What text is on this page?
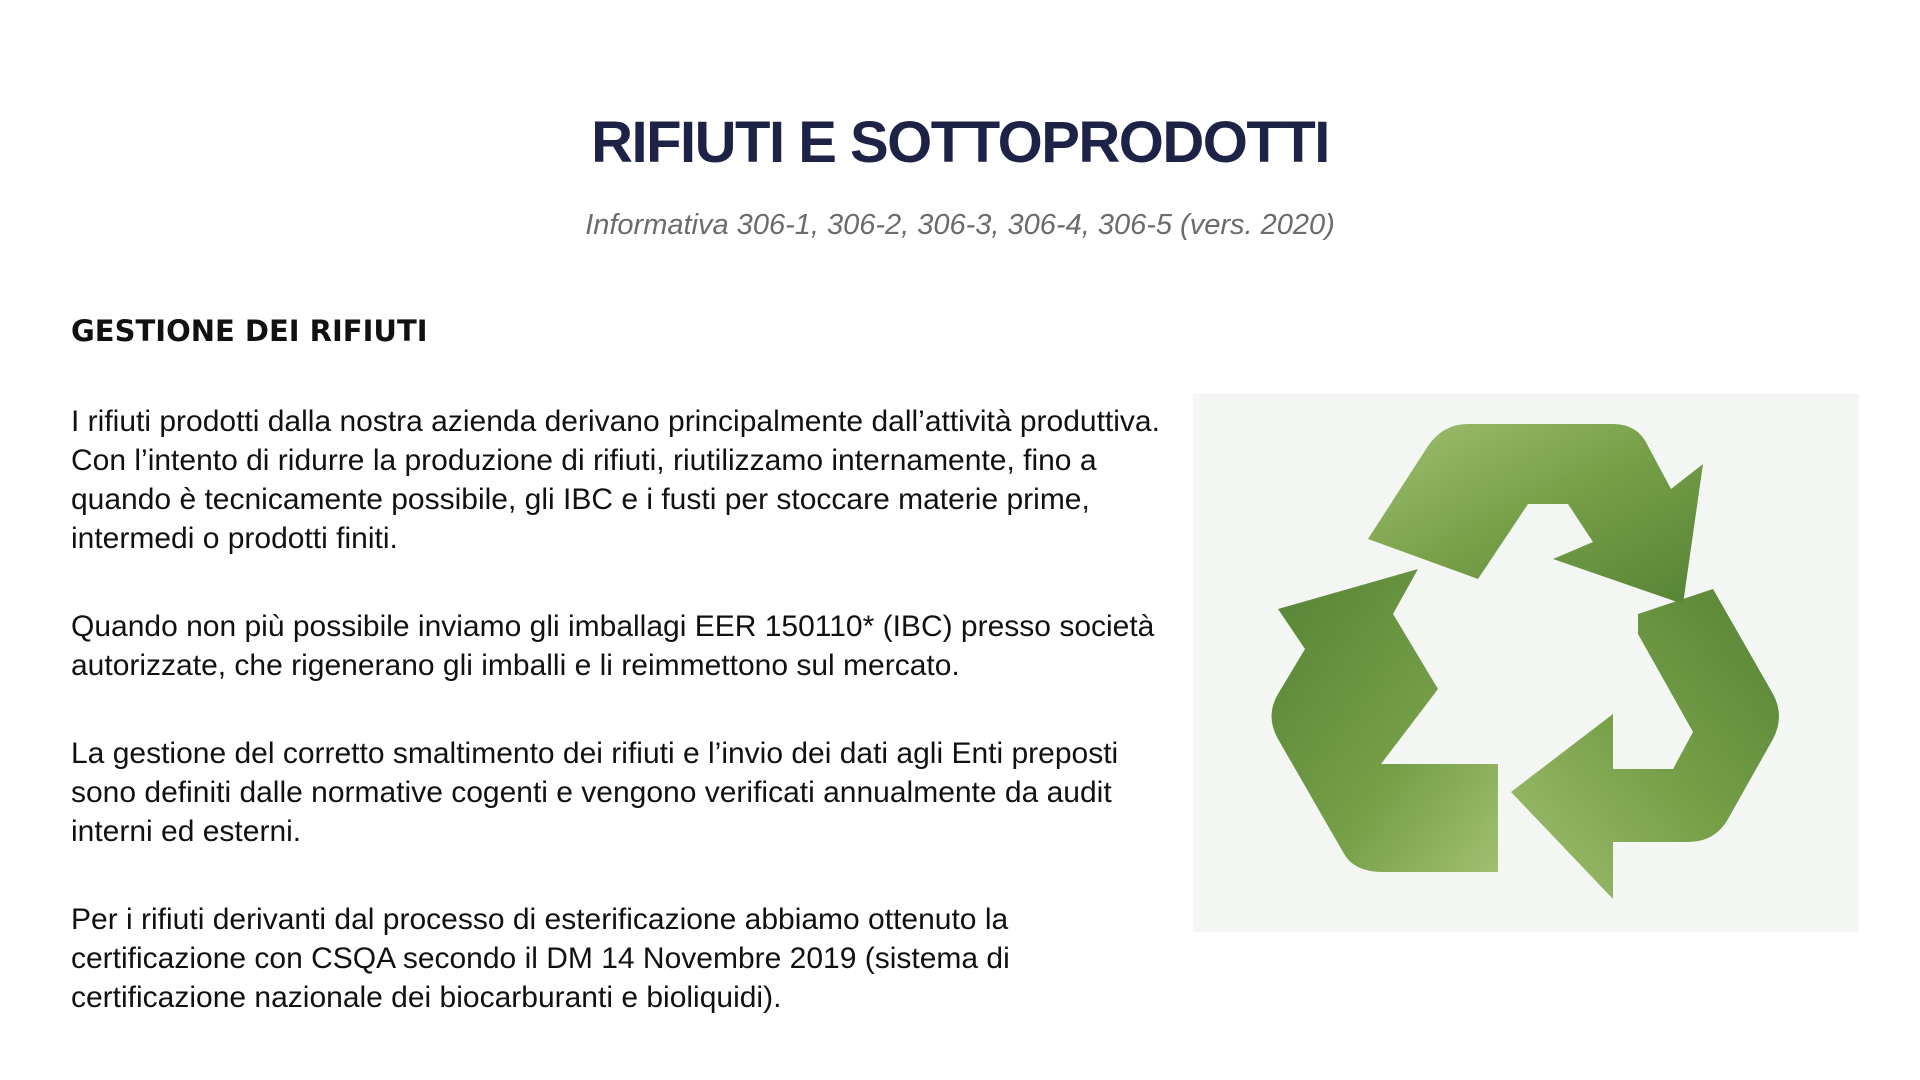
RIFIUTI E SOTTOPRODOTTI
Informativa 306-1, 306-2, 306-3, 306-4, 306-5 (vers. 2020)
GESTIONE DEI RIFIUTI

I rifiuti prodotti dalla nostra azienda derivano principalmente dall’attività produttiva. Con l’intento di ridurre la produzione di rifiuti, riutilizzamo internamente, fino a quando è tecnicamente possibile, gli IBC e i fusti per stoccare materie prime, intermedi o prodotti finiti.

Quando non più possibile inviamo gli imballagi EER 150110* (IBC) presso società autorizzate, che rigenerano gli imballi e li reimmettono sul mercato.

La gestione del corretto smaltimento dei rifiuti e l’invio dei dati agli Enti preposti sono definiti dalle normative cogenti e vengono verificati annualmente da audit interni ed esterni.

Per i rifiuti derivanti dal processo di esterificazione abbiamo ottenuto la certificazione con CSQA secondo il DM 14 Novembre 2019 (sistema di certificazione nazionale dei biocarburanti e bioliquidi).
